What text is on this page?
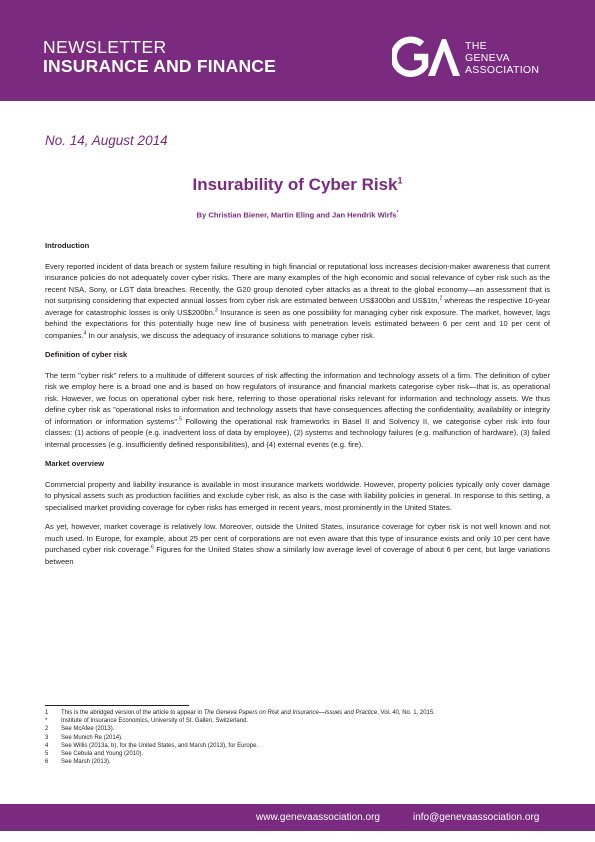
NEWSLETTER
INSURANCE AND FINANCE
THE
GENEVA
ASSOCIATION
No. 14, August 2014
Insurability of Cyber Risk$^1$
By Christian Biener, Martin Eling and Jan Hendrik Wirfs*
Introduction

Every reported incident of data breach or system failure resulting in high financial or reputational loss increases decision-maker awareness that current insurance policies do not adequately cover cyber risks. There are many examples of the high economic and social relevance of cyber risk such as the recent NSA, Sony, or LGT data breaches. Recently, the G20 group denoted cyber attacks as a threat to the global economy—an assessment that is not surprising considering that expected annual losses from cyber risk are estimated between US$300bn and US$1tn,$^2$ whereas the respective 10-year average for catastrophic losses is only US$200bn.$^3$ Insurance is seen as one possibility for managing cyber risk exposure. The market, however, lags behind the expectations for this potentially huge new line of business with penetration levels estimated between 6 per cent and 10 per cent of companies.$^4$ In our analysis, we discuss the adequacy of insurance solutions to manage cyber risk.

Definition of cyber risk

The term "cyber risk" refers to a multitude of different sources of risk affecting the information and technology assets of a firm. The definition of cyber risk we employ here is a broad one and is based on how regulators of insurance and financial markets categorise cyber risk—that is, as operational risk. However, we focus on operational cyber risk here, referring to those operational risks relevant for information and technology assets. We thus define cyber risk as "operational risks to information and technology assets that have consequences affecting the confidentiality, availability or integrity of information or information systems".$^5$ Following the operational risk frameworks in Basel II and Solvency II, we categorise cyber risk into four classes: (1) actions of people (e.g. inadvertent loss of data by employee), (2) systems and technology failures (e.g. malfunction of hardware), (3) failed internal processes (e.g. insufficiently defined responsibilities), and (4) external events (e.g. fire).

Market overview

Commercial property and liability insurance is available in most insurance markets worldwide. However, property policies typically only cover damage to physical assets such as production facilities and exclude cyber risk, as also is the case with liability policies in general. In response to this setting, a specialised market providing coverage for cyber risks has emerged in recent years, most prominently in the United States.

As yet, however, market coverage is relatively low. Moreover, outside the United States, insurance coverage for cyber risk is not well known and not much used. In Europe, for example, about 25 per cent of corporations are not even aware that this type of insurance exists and only 10 per cent have purchased cyber risk coverage.$^6$ Figures for the United States show a similarly low average level of coverage of about 6 per cent, but large variations between

1	This is the abridged version of the article to appear in The Geneva Papers on Risk and Insurance—Issues and Practice, Vol. 40, No. 1, 2015.
*	Institute of Insurance Economics, University of St. Gallen, Switzerland.
2	See McAfee (2013).
3	See Munich Re (2014).
4	See Willis (2013a, b), for the United States, and Marsh (2013), for Europe.
5	See Cebula and Young (2010).
6	See Marsh (2013).
www.genevaassociation.org	info@genevaassociation.org
